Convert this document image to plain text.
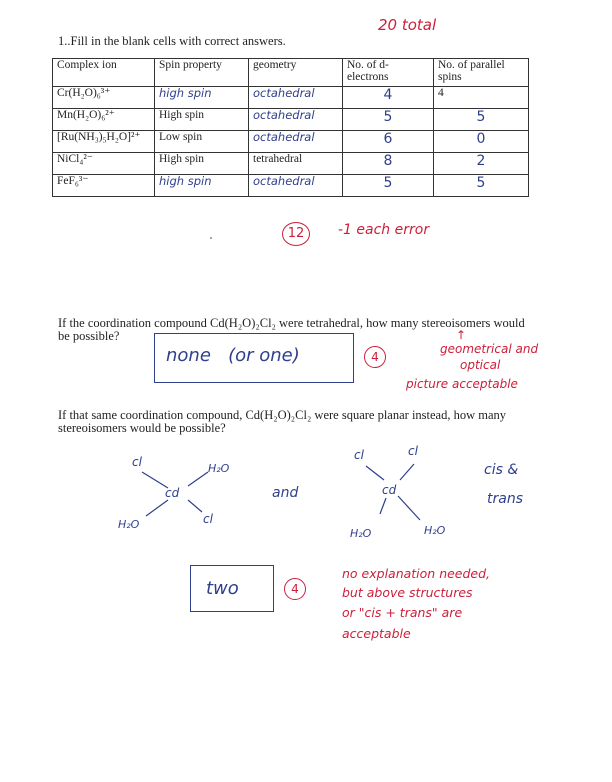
20 total
1..Fill in the blank cells with correct answers.
Complex ion	Spin property	geometry	No. of d-electrons	No. of parallel spins
Cr(H₂O)₆³⁺	high spin	octahedral	4	4
Mn(H₂O)₆²⁺	High spin	octahedral	5	5

[Ru(NH₃)₅H₂O]²⁺	Low spin	octahedral	6	0

NiCl₄²⁻	High spin	tetrahedral	8	2

FeF₆³⁻	high spin	octahedral	5	5
12	-1 each error
If the coordination compound Cd(H₂O)₂Cl₂ were tetrahedral, how many stereoisomers would
be possible?
none   (or one)	4
↑
geometrical and
optical
picture acceptable
If that same coordination compound, Cd(H₂O)₂Cl₂ were square planar instead, how many
stereoisomers would be possible?
cl	H₂O
cd
H₂O	cl
and
cl	cl
cd
H₂O	H₂O
cis &
trans
two	4
no explanation needed,
but above structures
or "cis + trans" are
acceptable
